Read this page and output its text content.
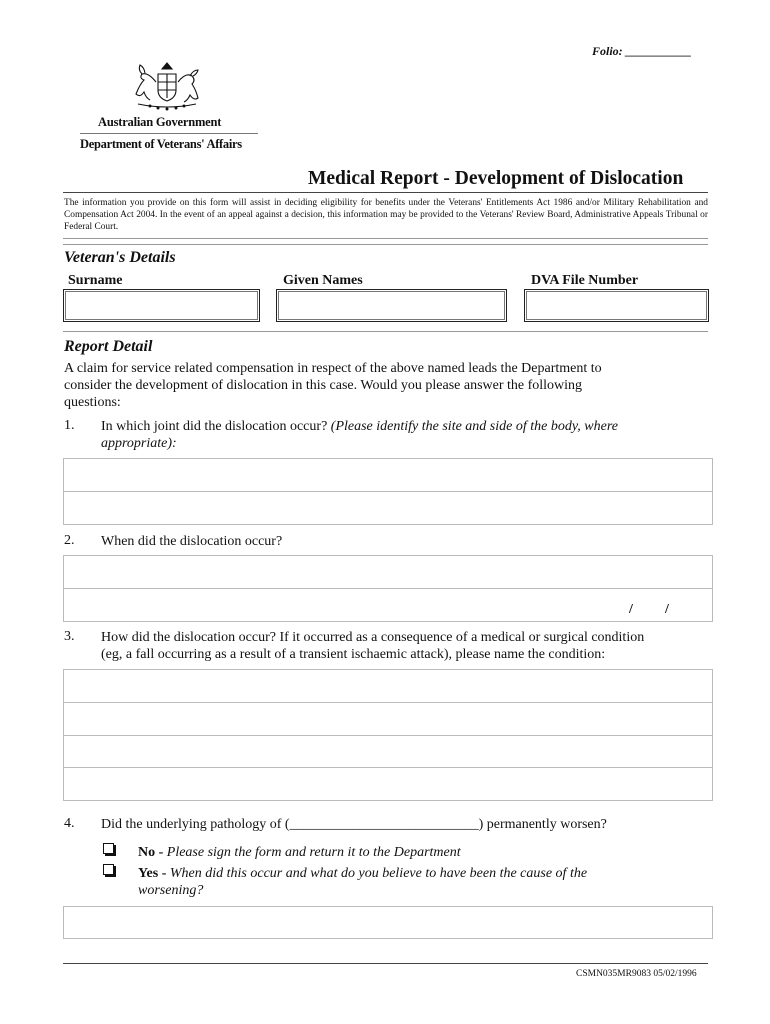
Folio: ___________
Australian Government
Department of Veterans' Affairs
Medical Report - Development of Dislocation
The information you provide on this form will assist in deciding eligibility for benefits under the Veterans' Entitlements Act 1986 and/or Military Rehabilitation and Compensation Act 2004. In the event of an appeal against a decision, this information may be provided to the Veterans' Review Board, Administrative Appeals Tribunal or Federal Court.
Veteran's Details
Surname	Given Names	DVA File Number
Report Detail
A claim for service related compensation in respect of the above named leads the Department to
consider the development of dislocation in this case. Would you please answer the following
questions:
1. In which joint did the dislocation occur? (Please identify the site and side of the body, where
appropriate):
2. When did the dislocation occur?
/ /
3. How did the dislocation occur? If it occurred as a consequence of a medical or surgical condition
(eg, a fall occurring as a result of a transient ischaemic attack), please name the condition:
4. Did the underlying pathology of (___________________________) permanently worsen?
No - Please sign the form and return it to the Department
Yes - When did this occur and what do you believe to have been the cause of the
worsening?
CSMN035MR9083 05/02/1996
